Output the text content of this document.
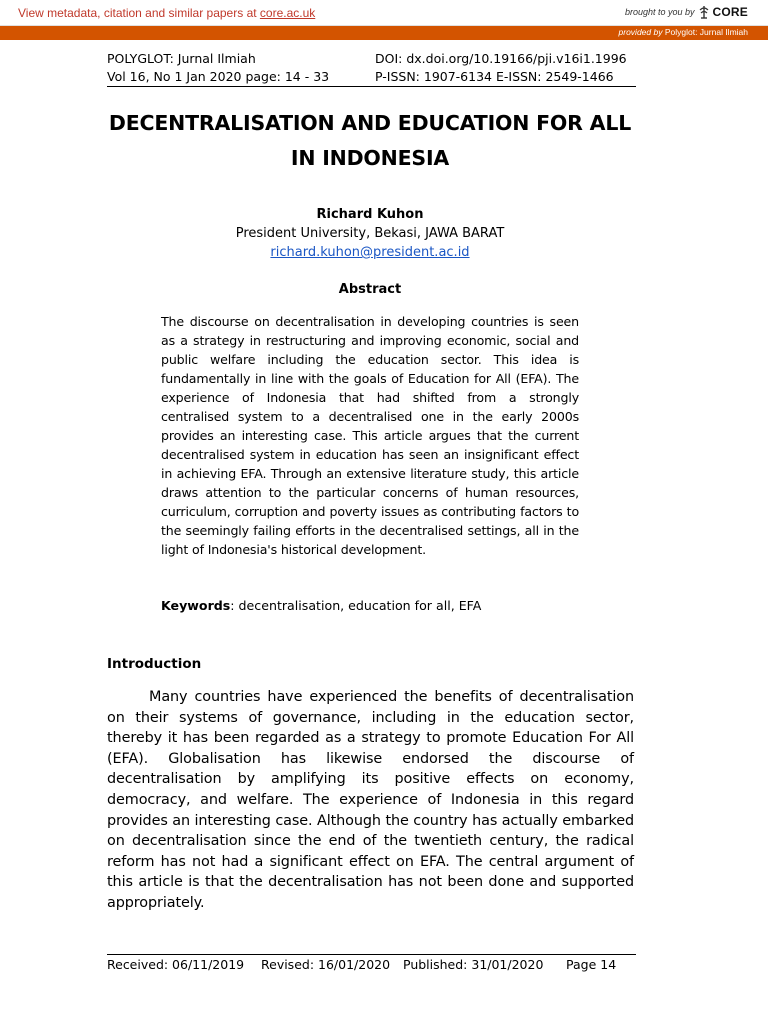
View metadata, citation and similar papers at core.ac.uk	brought to you by CORE
provided by Polyglot: Jurnal Ilmiah
POLYGLOT: Jurnal Ilmiah
Vol 16, No 1 Jan 2020 page: 14 - 33
DOI: dx.doi.org/10.19166/pji.v16i1.1996
P-ISSN: 1907-6134 E-ISSN: 2549-1466
DECENTRALISATION AND EDUCATION FOR ALL
IN INDONESIA
Richard Kuhon
President University, Bekasi, JAWA BARAT
richard.kuhon@president.ac.id
Abstract
The discourse on decentralisation in developing countries is seen as a strategy in restructuring and improving economic, social and public welfare including the education sector. This idea is fundamentally in line with the goals of Education for All (EFA). The experience of Indonesia that had shifted from a strongly centralised system to a decentralised one in the early 2000s provides an interesting case. This article argues that the current decentralised system in education has seen an insignificant effect in achieving EFA. Through an extensive literature study, this article draws attention to the particular concerns of human resources, curriculum, corruption and poverty issues as contributing factors to the seemingly failing efforts in the decentralised settings, all in the light of Indonesia's historical development.
Keywords: decentralisation, education for all, EFA
Introduction
Many countries have experienced the benefits of decentralisation on their systems of governance, including in the education sector, thereby it has been regarded as a strategy to promote Education For All (EFA). Globalisation has likewise endorsed the discourse of decentralisation by amplifying its positive effects on economy, democracy, and welfare. The experience of Indonesia in this regard provides an interesting case. Although the country has actually embarked on decentralisation since the end of the twentieth century, the radical reform has not had a significant effect on EFA. The central argument of this article is that the decentralisation has not been done and supported appropriately.
Received: 06/11/2019 Revised: 16/01/2020 Published: 31/01/2020 Page 14
